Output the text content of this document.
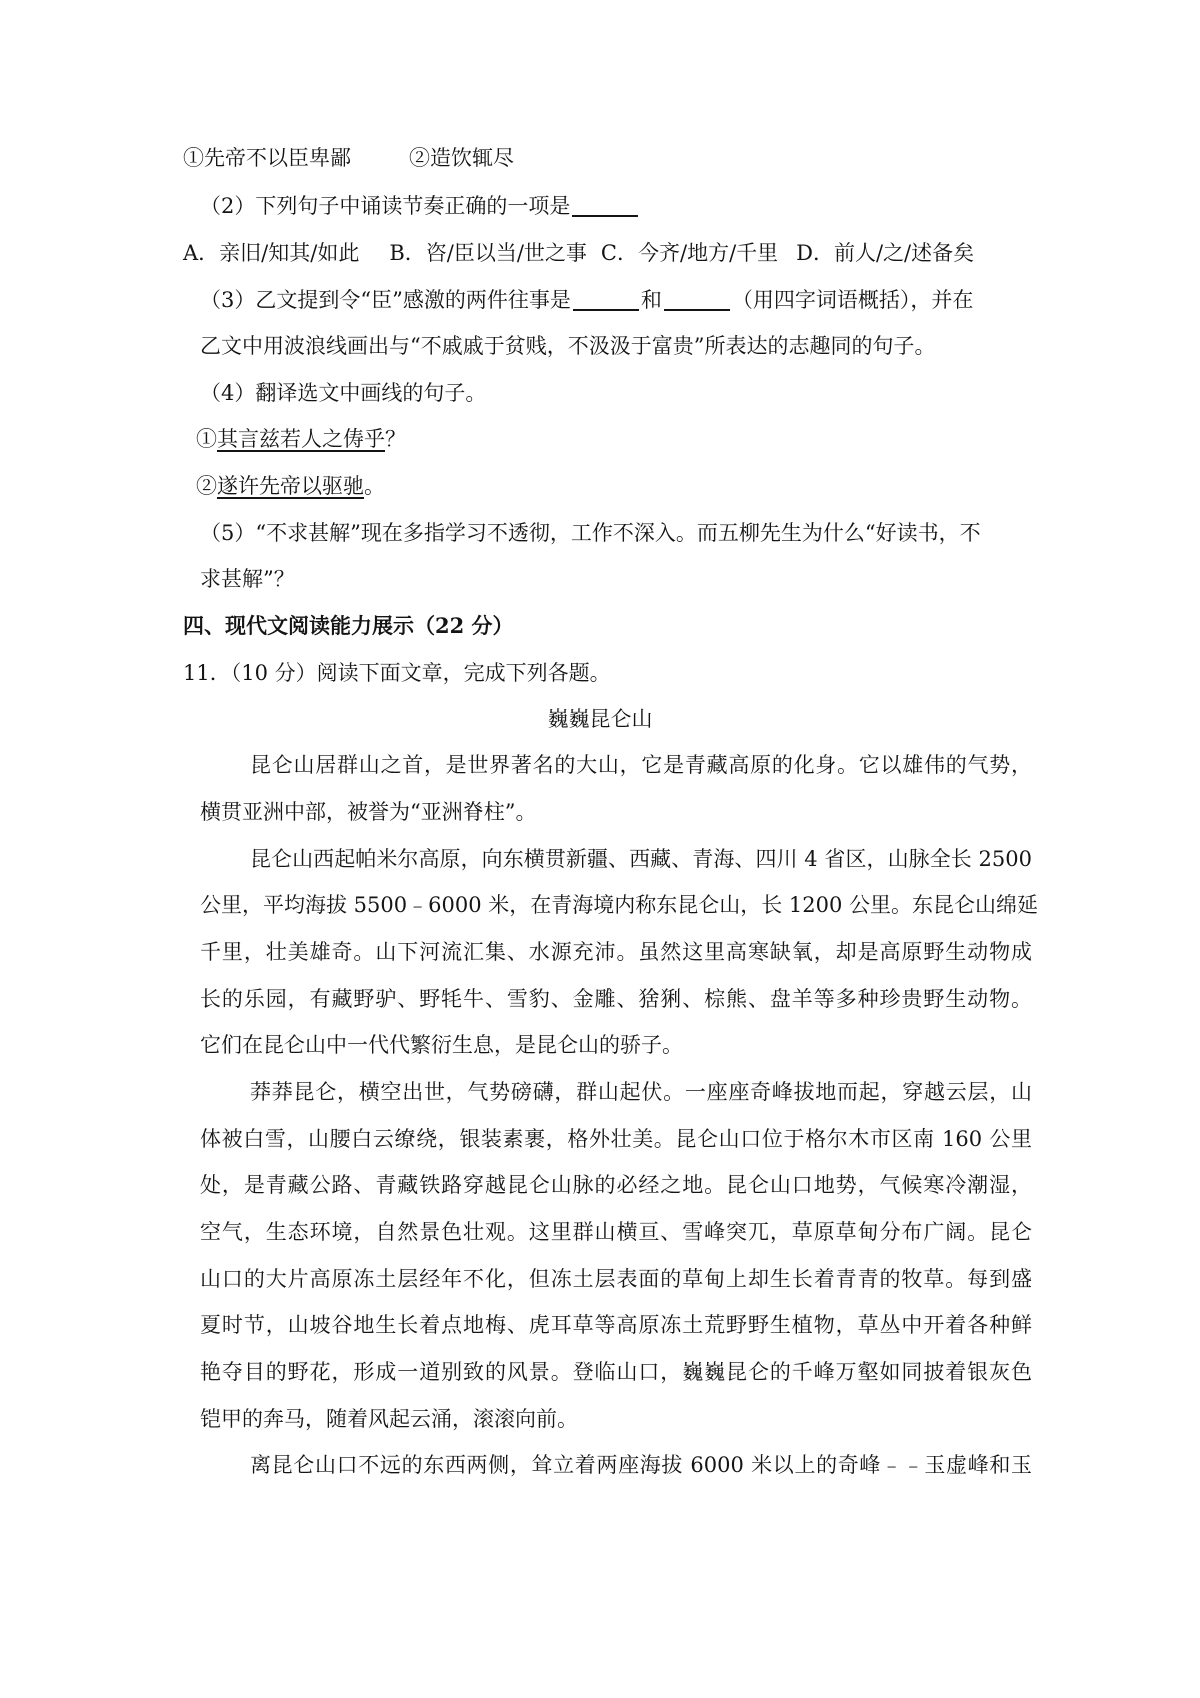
①先帝不以臣卑鄙	②造饮辄尽
（2）下列句子中诵读节奏正确的一项是
A．亲旧/知其/如此 B．咨/臣以当/世之事 C．今齐/地方/千里 D．前人/之/述备矣
（3）乙文提到令“臣”感激的两件往事是	和	（用四字词语概括），并在
乙文中用波浪线画出与“不戚戚于贫贱，不汲汲于富贵”所表达的志趣同的句子。
（4）翻译选文中画线的句子。
①其言兹若人之俦乎？
②遂许先帝以驱驰。
（5）“不求甚解”现在多指学习不透彻，工作不深入。而五柳先生为什么“好读书，不
求甚解”？
四、现代文阅读能力展示（22 分）
11．（10 分）阅读下面文章，完成下列各题。
巍巍昆仑山
昆仑山居群山之首，是世界著名的大山，它是青藏高原的化身。它以雄伟的气势，
横贯亚洲中部，被誉为“亚洲脊柱”。
昆仑山西起帕米尔高原，向东横贯新疆、西藏、青海、四川 4 省区，山脉全长 2500
公里，平均海拔 5500﹣6000 米，在青海境内称东昆仑山，长 1200 公里。东昆仑山绵延
千里，壮美雄奇。山下河流汇集、水源充沛。虽然这里高寒缺氧，却是高原野生动物成
长的乐园，有藏野驴、野牦牛、雪豹、金雕、猞猁、棕熊、盘羊等多种珍贵野生动物。
它们在昆仑山中一代代繁衍生息，是昆仑山的骄子。
莽莽昆仑，横空出世，气势磅礴，群山起伏。一座座奇峰拔地而起，穿越云层，山
体被白雪，山腰白云缭绕，银装素裹，格外壮美。昆仑山口位于格尔木市区南 160 公里
处，是青藏公路、青藏铁路穿越昆仑山脉的必经之地。昆仑山口地势，气候寒冷潮湿，
空气，生态环境，自然景色壮观。这里群山横亘、雪峰突兀，草原草甸分布广阔。昆仑
山口的大片高原冻土层经年不化，但冻土层表面的草甸上却生长着青青的牧草。每到盛
夏时节，山坡谷地生长着点地梅、虎耳草等高原冻土荒野野生植物，草丛中开着各种鲜
艳夺目的野花，形成一道别致的风景。登临山口，巍巍昆仑的千峰万壑如同披着银灰色
铠甲的奔马，随着风起云涌，滚滚向前。
离昆仑山口不远的东西两侧，耸立着两座海拔 6000 米以上的奇峰﹣﹣玉虚峰和玉
